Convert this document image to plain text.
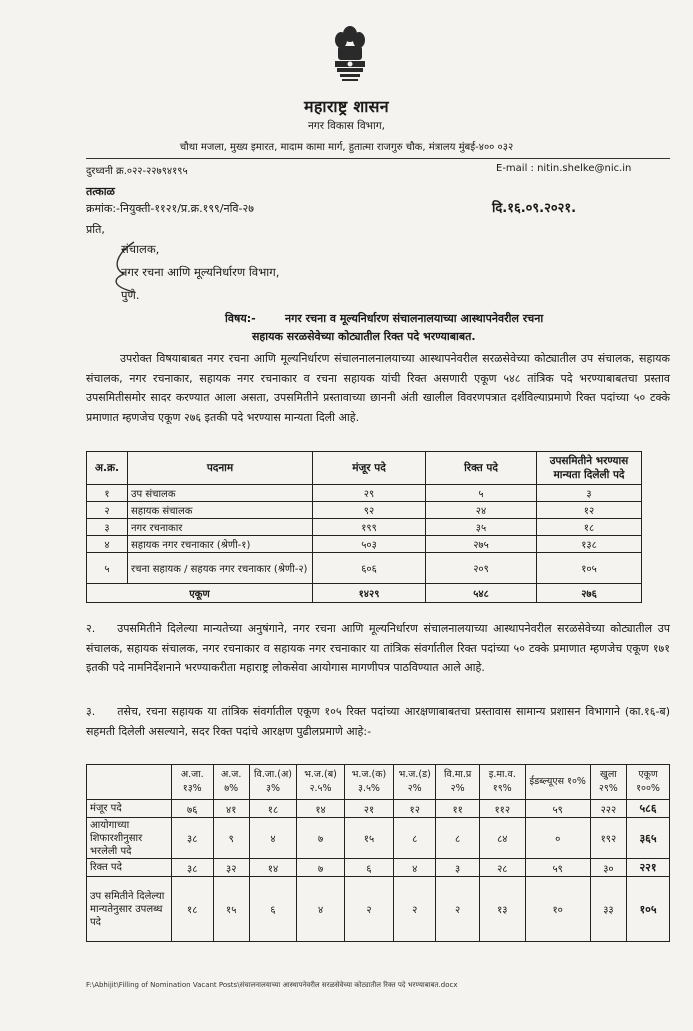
महाराष्ट्र शासन
नगर विकास विभाग,
चौथा मजला, मुख्य इमारत, मादाम कामा मार्ग, हुतात्मा राजगुरु चौक, मंत्रालय मुंबई-४०० ०३२
दुरध्वनी क्र.०२२-२२७९४१९५	E-mail : nitin.shelke@nic.in
तत्काळ
क्रमांक:-नियुक्ती-११२१/प्र.क्र.१९९/नवि-२७	दि.१६.०९.२०२१.
प्रति,
संचालक,
नगर रचना आणि मूल्यनिर्धारण विभाग,
पुणे.
विषय:-	नगर रचना व मूल्यनिर्धारण संचालनालयाच्या आस्थापनेवरील रचना
सहायक सरळसेवेच्या कोट्यातील रिक्त पदे भरण्याबाबत.
उपरोक्त विषयाबाबत नगर रचना आणि मूल्यनिर्धारण संचालनालनालयाच्या आस्थापनेवरील सरळसेवेच्या कोट्यातील उप संचालक, सहायक संचालक, नगर रचनाकार, सहायक नगर रचनाकार व रचना सहायक यांची रिक्त असणारी एकूण ५४८ तांत्रिक पदे भरण्याबाबतचा प्रस्ताव उपसमितीसमोर सादर करण्यात आला असता, उपसमितीने प्रस्तावाच्या छाननी अंती खालील विवरणपत्रात दर्शविल्याप्रमाणे रिक्त पदांच्या ५० टक्के प्रमाणात म्हणजेच एकूण २७६ इतकी पदे भरण्यास मान्यता दिली आहे.
अ.क्र.	पदनाम	मंजूर पदे	रिक्त पदे	उपसमितीने भरण्यास मान्यता दिलेली पदे
१	उप संचालक	२९	५	३
२	सहायक संचालक	९२	२४	१२
३	नगर रचनाकार	१९९	३५	१८
४	सहायक नगर रचनाकार (श्रेणी-१)	५०३	२७५	१३८
५	रचना सहायक / सहयक नगर रचनाकार (श्रेणी-२)	६०६	२०९	१०५
एकूण		१४२९	५४८	२७६
२.  उपसमितीने दिलेल्या मान्यतेच्या अनुषंगाने, नगर रचना आणि मूल्यनिर्धारण संचालनालयाच्या आस्थापनेवरील सरळसेवेच्या कोट्यातील उप संचालक, सहायक संचालक, नगर रचनाकार व सहायक नगर रचनाकार या तांत्रिक संवर्गातील रिक्त पदांच्या ५० टक्के प्रमाणात म्हणजेच एकूण १७१ इतकी पदे नामनिर्देशनाने भरण्याकरीता महाराष्ट्र लोकसेवा आयोगास मागणीपत्र पाठविण्यात आले आहे.
३.  तसेच, रचना सहायक या तांत्रिक संवर्गातील एकूण १०५ रिक्त पदांच्या आरक्षणाबाबतचा प्रस्तावास सामान्य प्रशासन विभागाने (का.१६-ब) सहमती दिलेली असल्याने, सदर रिक्त पदांचे आरक्षण पुढीलप्रमाणे आहे:-
	अ.जा. १३%	अ.ज. ७%	वि.जा.(अ) ३%	भ.ज.(ब) २.५%	भ.ज.(क) ३.५%	भ.ज.(ड) २%	वि.मा.प्र २%	इ.मा.व. १९%	ईडब्ल्यूएस १०%	खुला २९%	एकूण १००%
मंजूर पदे	७६	४१	१८	१४	२१	१२	११	११२	५९	२२२	५८६
आयोगाच्या शिफारशीनुसार भरलेली पदे	३८	९	४	७	१५	८	८	८४	०	१९२	३६५
रिक्त पदे	३८	३२	१४	७	६	४	३	२८	५९	३०	२२१
उप समितीने दिलेल्या मान्यतेनुसार उपलब्ध पदे	१८	१५	६	४	२	२	२	१३	१०	३३	१०५
F:\Abhijit\Filling of Nomination Vacant Posts\संचालनालयाच्या आस्थापनेवरील सरळसेवेच्या कोट्यातील रिक्त पदे भरण्याबाबत.docx
